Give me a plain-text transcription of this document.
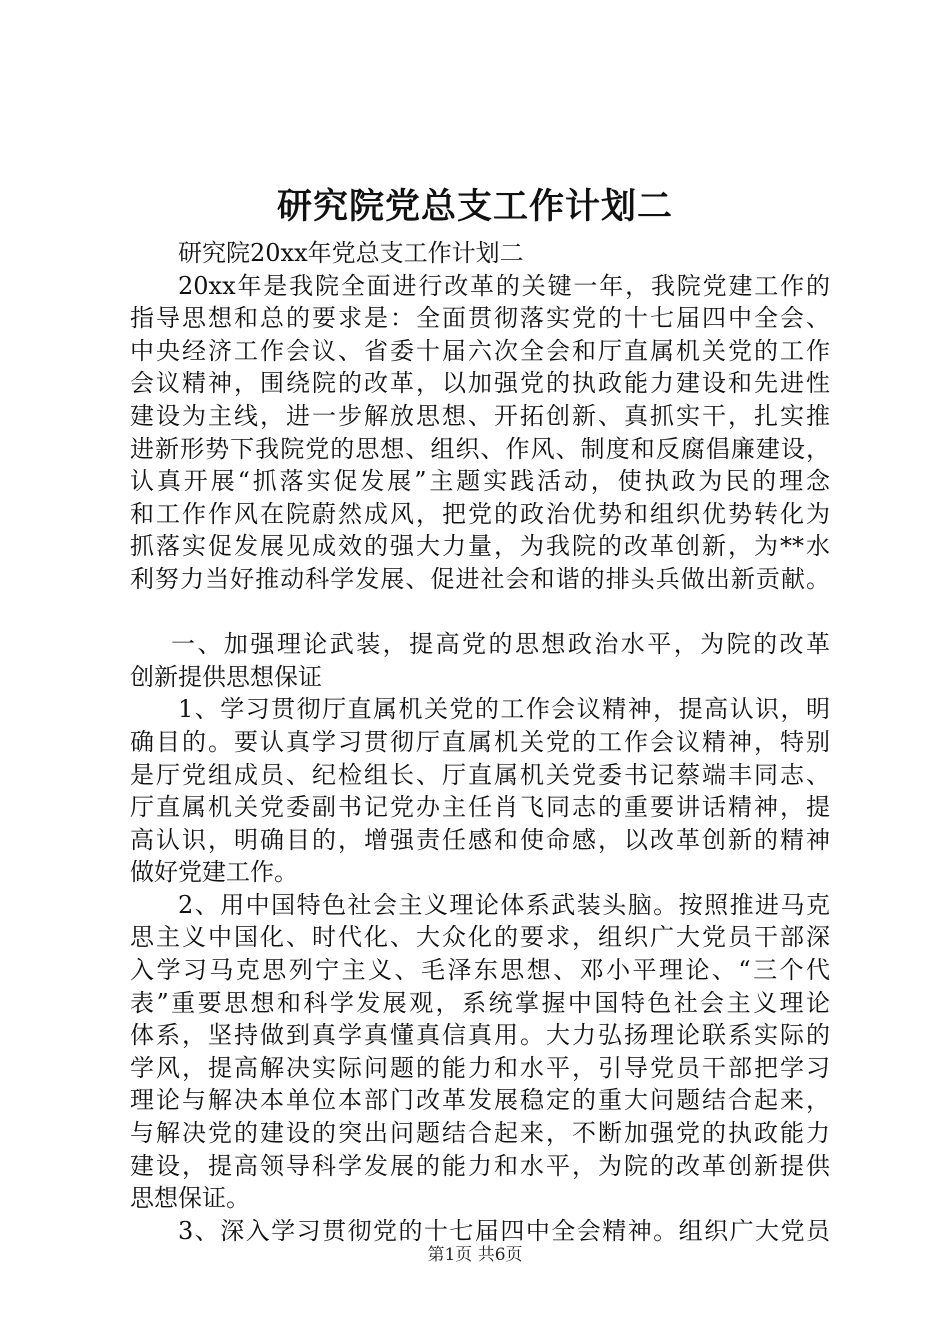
研究院党总支工作计划二
研究院20xx年党总支工作计划二
20xx年是我院全面进行改革的关键一年，我院党建工作的
指导思想和总的要求是：全面贯彻落实党的十七届四中全会、
中央经济工作会议、省委十届六次全会和厅直属机关党的工作
会议精神，围绕院的改革，以加强党的执政能力建设和先进性
建设为主线，进一步解放思想、开拓创新、真抓实干，扎实推
进新形势下我院党的思想、组织、作风、制度和反腐倡廉建设，
认真开展“抓落实促发展”主题实践活动，使执政为民的理念
和工作作风在院蔚然成风，把党的政治优势和组织优势转化为
抓落实促发展见成效的强大力量，为我院的改革创新，为**水
利努力当好推动科学发展、促进社会和谐的排头兵做出新贡献。
一、加强理论武装，提高党的思想政治水平，为院的改革
创新提供思想保证
1、学习贯彻厅直属机关党的工作会议精神，提高认识，明
确目的。要认真学习贯彻厅直属机关党的工作会议精神，特别
是厅党组成员、纪检组长、厅直属机关党委书记蔡端丰同志、
厅直属机关党委副书记党办主任肖飞同志的重要讲话精神，提
高认识，明确目的，增强责任感和使命感，以改革创新的精神
做好党建工作。
2、用中国特色社会主义理论体系武装头脑。按照推进马克
思主义中国化、时代化、大众化的要求，组织广大党员干部深
入学习马克思列宁主义、毛泽东思想、邓小平理论、“三个代
表”重要思想和科学发展观，系统掌握中国特色社会主义理论
体系，坚持做到真学真懂真信真用。大力弘扬理论联系实际的
学风，提高解决实际问题的能力和水平，引导党员干部把学习
理论与解决本单位本部门改革发展稳定的重大问题结合起来，
与解决党的建设的突出问题结合起来，不断加强党的执政能力
建设，提高领导科学发展的能力和水平，为院的改革创新提供
思想保证。
3、深入学习贯彻党的十七届四中全会精神。组织广大党员
第1页 共6页
